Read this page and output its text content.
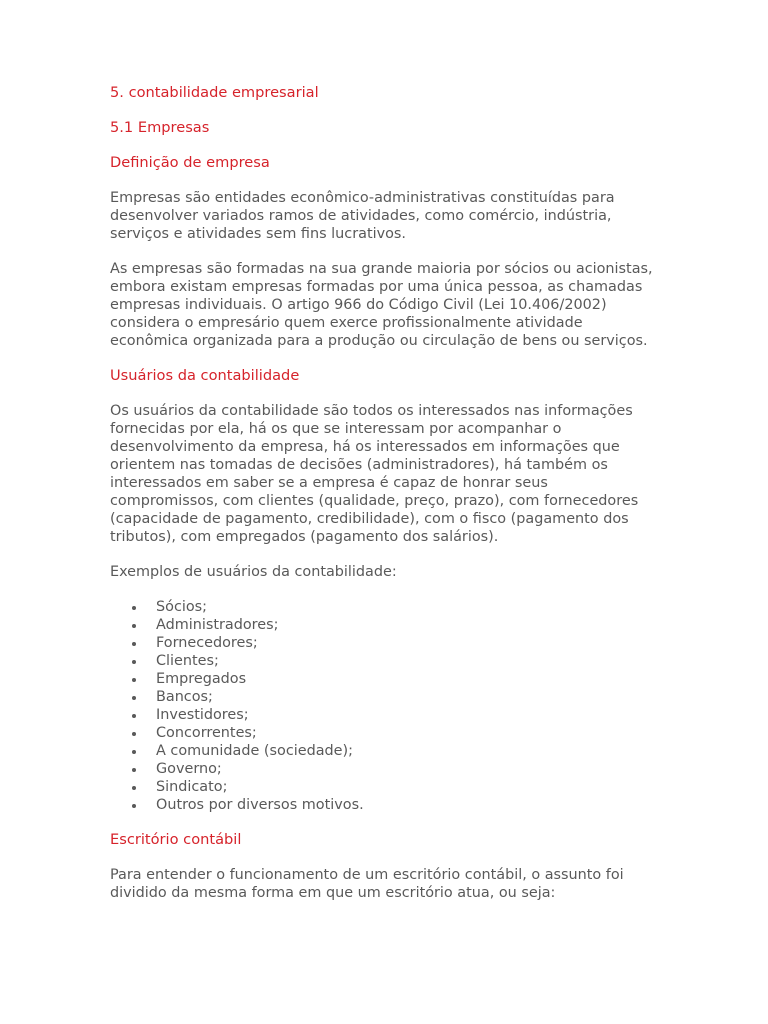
5. contabilidade empresarial
5.1 Empresas
Definição de empresa

Empresas são entidades econômico-administrativas constituídas para desenvolver variados ramos de atividades, como comércio, indústria, serviços e atividades sem fins lucrativos.

As empresas são formadas na sua grande maioria por sócios ou acionistas, embora existam empresas formadas por uma única pessoa, as chamadas empresas individuais. O artigo 966 do Código Civil (Lei 10.406/2002) considera o empresário quem exerce profissionalmente atividade econômica organizada para a produção ou circulação de bens ou serviços.

Usuários da contabilidade

Os usuários da contabilidade são todos os interessados nas informações fornecidas por ela, há os que se interessam por acompanhar o desenvolvimento da empresa, há os interessados em informações que orientem nas tomadas de decisões (administradores), há também os interessados em saber se a empresa é capaz de honrar seus compromissos, com clientes (qualidade, preço, prazo), com fornecedores (capacidade de pagamento, credibilidade), com o fisco (pagamento dos tributos), com empregados (pagamento dos salários).

Exemplos de usuários da contabilidade:

Sócios;
Administradores;
Fornecedores;
Clientes;
Empregados
Bancos;
Investidores;
Concorrentes;
A comunidade (sociedade);
Governo;
Sindicato;
Outros por diversos motivos.
Escritório contábil

Para entender o funcionamento de um escritório contábil, o assunto foi dividido da mesma forma em que um escritório atua, ou seja:
